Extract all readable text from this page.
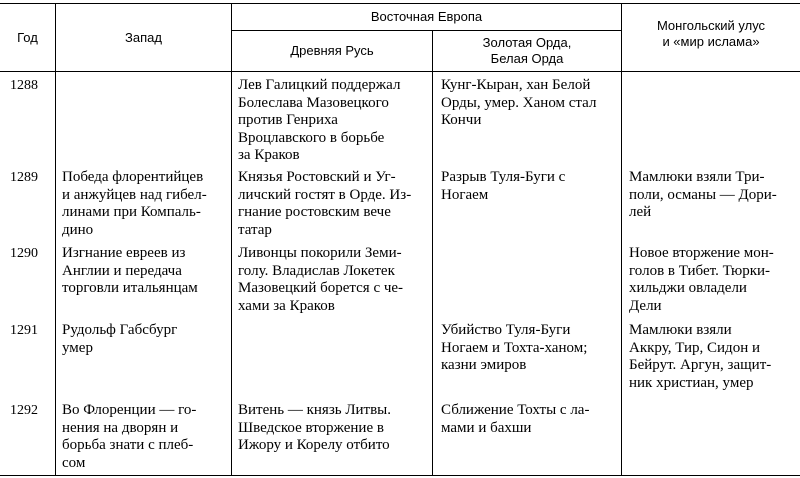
Год	Запад
Восточная Европа
Древняя Русь
Золотая Орда,
Белая Орда
Монгольский улус
и «мир ислама»
1288	Лев Галицкий поддержал
Болеслава Мазовецкого
против Генриха
Вроцлавского в борьбе
за Краков
Кунг-Кыран, хан Белой
Орды, умер. Ханом стал
Кончи
1289 Победа флорентийцев
и анжуйцев над гибел-
линами при Компаль-
дино
Князья Ростовский и Уг-
личский гостят в Орде. Из-
гнание ростовским вече
татар
Разрыв Туля-Буги с
Ногаем
Мамлюки взяли Три-
поли, османы — Дори-
лей
1290 Изгнание евреев из
Англии и передача
торговли итальянцам
Ливонцы покорили Земи-
голу. Владислав Локетек
Мазовецкий борется с че-
хами за Краков
Новое вторжение мон-
голов в Тибет. Тюрки-
хильджи овладели
Дели
1291 Рудольф Габсбург
умер
Убийство Туля-Буги
Ногаем и Тохта-ханом;
казни эмиров
Мамлюки взяли
Аккру, Тир, Сидон и
Бейрут. Аргун, защит-
ник христиан, умер
1292 Во Флоренции — го-
нения на дворян и
борьба знати с плеб-
сом
Витень — князь Литвы.
Шведское вторжение в
Ижору и Корелу отбито
Сближение Тохты с ла-
мами и бахши
